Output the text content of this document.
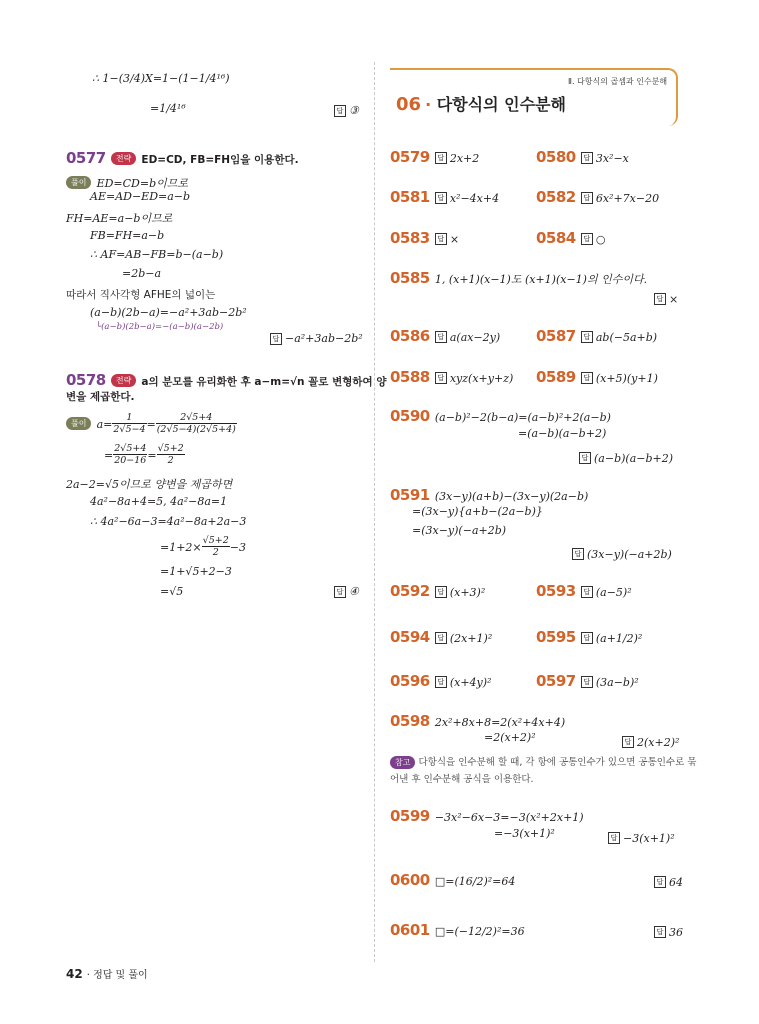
∴ 1−(3/4)X=1−(1−1/4¹⁶)
=1/4¹⁶	답 ③
0577 전략 ED=CD, FB=FH임을 이용한다.
풀이 ED=CD=b이므로
AE=AD−ED=a−b
FH=AE=a−b이므로
FB=FH=a−b
∴ AF=AB−FB=b−(a−b)
=2b−a
따라서 직사각형 AFHE의 넓이는
(a−b)(2b−a)=−a²+3ab−2b²
└(a−b)(2b−a)=−(a−b)(a−2b)
답 −a²+3ab−2b²
0578 전략 a의 분모를 유리화한 후 a−m=√n 꼴로 변형하여 양
변을 제곱한다.
풀이 $a= \frac{1}{2√5-4} = \frac{2√5+4}{(2√5-4)(2√5+4)}$
= $\frac{2√5+4}{20-16} = \frac{√5+2}{2}$
2a−2=√5이므로 양변을 제곱하면
4a²−8a+4=5, 4a²−8a=1
∴ 4a²−6a−3=4a²−8a+2a−3
$=1+2\times \frac{√5+2}{2} -3$
=1+√5+2−3
=√5	답 ④
Ⅱ. 다항식의 곱셈과 인수분해
06 · 다항식의 인수분해
0579 답 2x+2	0580 답 3x²−x
0581 답 x²−4x+4 0582 답 6x²+7x−20
0583 답 ×	0584 답 ○
0585 1, (x+1)(x−1)도 (x+1)(x−1)의 인수이다.
답 ×
0586 답 a(ax−2y) 0587 답 ab(−5a+b)
0588 답 xyz(x+y+z) 0589 답 (x+5)(y+1)
0590 (a−b)²−2(b−a)=(a−b)²+2(a−b)
=(a−b)(a−b+2)
답 (a−b)(a−b+2)
0591 (3x−y)(a+b)−(3x−y)(2a−b)
=(3x−y){a+b−(2a−b)}
=(3x−y)(−a+2b)
답 (3x−y)(−a+2b)
0592 답 (x+3)²	0593 답 (a−5)²
0594 답 (2x+1)²	0595 답 (a+1/2)²
0596 답 (x+4y)²	0597 답 (3a−b)²
0598 2x²+8x+8=2(x²+4x+4)
=2(x+2)²	답 2(x+2)²
참고 다항식을 인수분해 할 때, 각 항에 공통인수가 있으면 공통인수로 묶
어낸 후 인수분해 공식을 이용한다.
0599 −3x²−6x−3=−3(x²+2x+1)
=−3(x+1)²	답 −3(x+1)²
0600 □=(16/2)²=64	답 64
0601 □=(−12/2)²=36	답 36
42 · 정답 및 풀이
